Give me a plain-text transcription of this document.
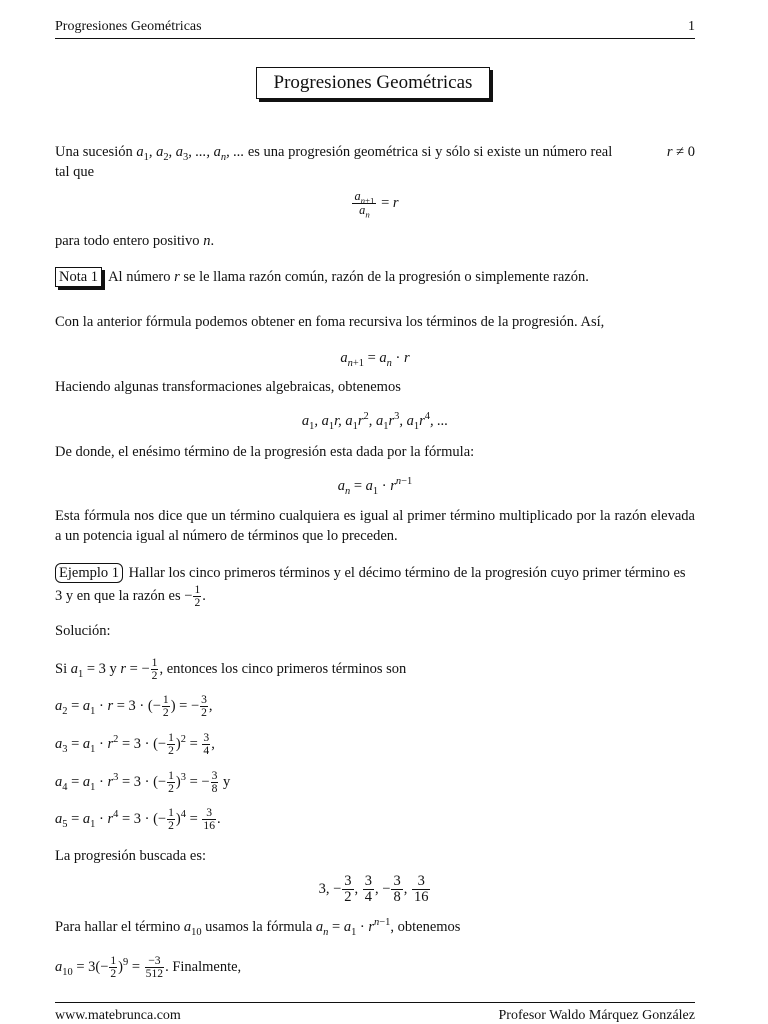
Progresiones Geométricas	1
Progresiones Geométricas
Una sucesión $a_1$, $a_2$, $a_3$, ..., $a_n$, ... es una progresión geométrica si y sólo si existe un número real	r ≠ 0

tal que
$\frac{a_{n+1}}{a_n} = r$
para todo entero positivo n.
Nota 1 Al número r se le llama razón común, razón de la progresión o simplemente razón.
Con la anterior fórmula podemos obtener en foma recursiva los términos de la progresión. Así,
$a_{n+1} = a_n \cdot r$
Haciendo algunas transformaciones algebraicas, obtenemos
$a_1$, $a_1r$, $a_1r^2$, $a_1r^3$, $a_1r^4$, ...
De donde, el enésimo término de la progresión esta dada por la fórmula:
$a_n = a_1 \cdot r^{n-1}$
Esta fórmula nos dice que un término cualquiera es igual al primer término multiplicado por la razón elevada a un potencia igual al número de términos que lo preceden.
Ejemplo 1 Hallar los cinco primeros términos y el décimo término de la progresión cuyo primer término es 3 y en que la razón es − $\frac{1}{2}$ .
Solución:
Si $a_1 = 3$ y r = − $\frac{1}{2}$ , entonces los cinco primeros términos son
$a_2 = a_1 \cdot r = 3$ · (− $\frac{1}{2}$ ) = − $\frac{3}{2}$ ,
$a_3 = a_1 \cdot r^2 = 3$ · (− $\frac{1}{2} )^2 = \frac{3}{4}$ ,
$a_4 = a_1 \cdot r^3 = 3$ · (− $\frac{1}{2} )^3$ = − $\frac{3}{8}$ y
$a_5 = a_1 \cdot r^4 = 3$ · (− $\frac{1}{2} )^4 = \frac{3}{16}$ .
La progresión buscada es:
3, − $\frac{3}{2}$ , $\frac{3}{4}$ , − $\frac{3}{8}$ , $\frac{3}{16}$
Para hallar el término $a_{10}$ usamos la fórmula $a_n = a_1 \cdot r^{n-1}$, obtenemos
$a_{10} = 3(- \frac{1}{2} )^9 = \frac{-3}{512}$ . Finalmente,
www.matebrunca.com	Profesor Waldo Márquez González
